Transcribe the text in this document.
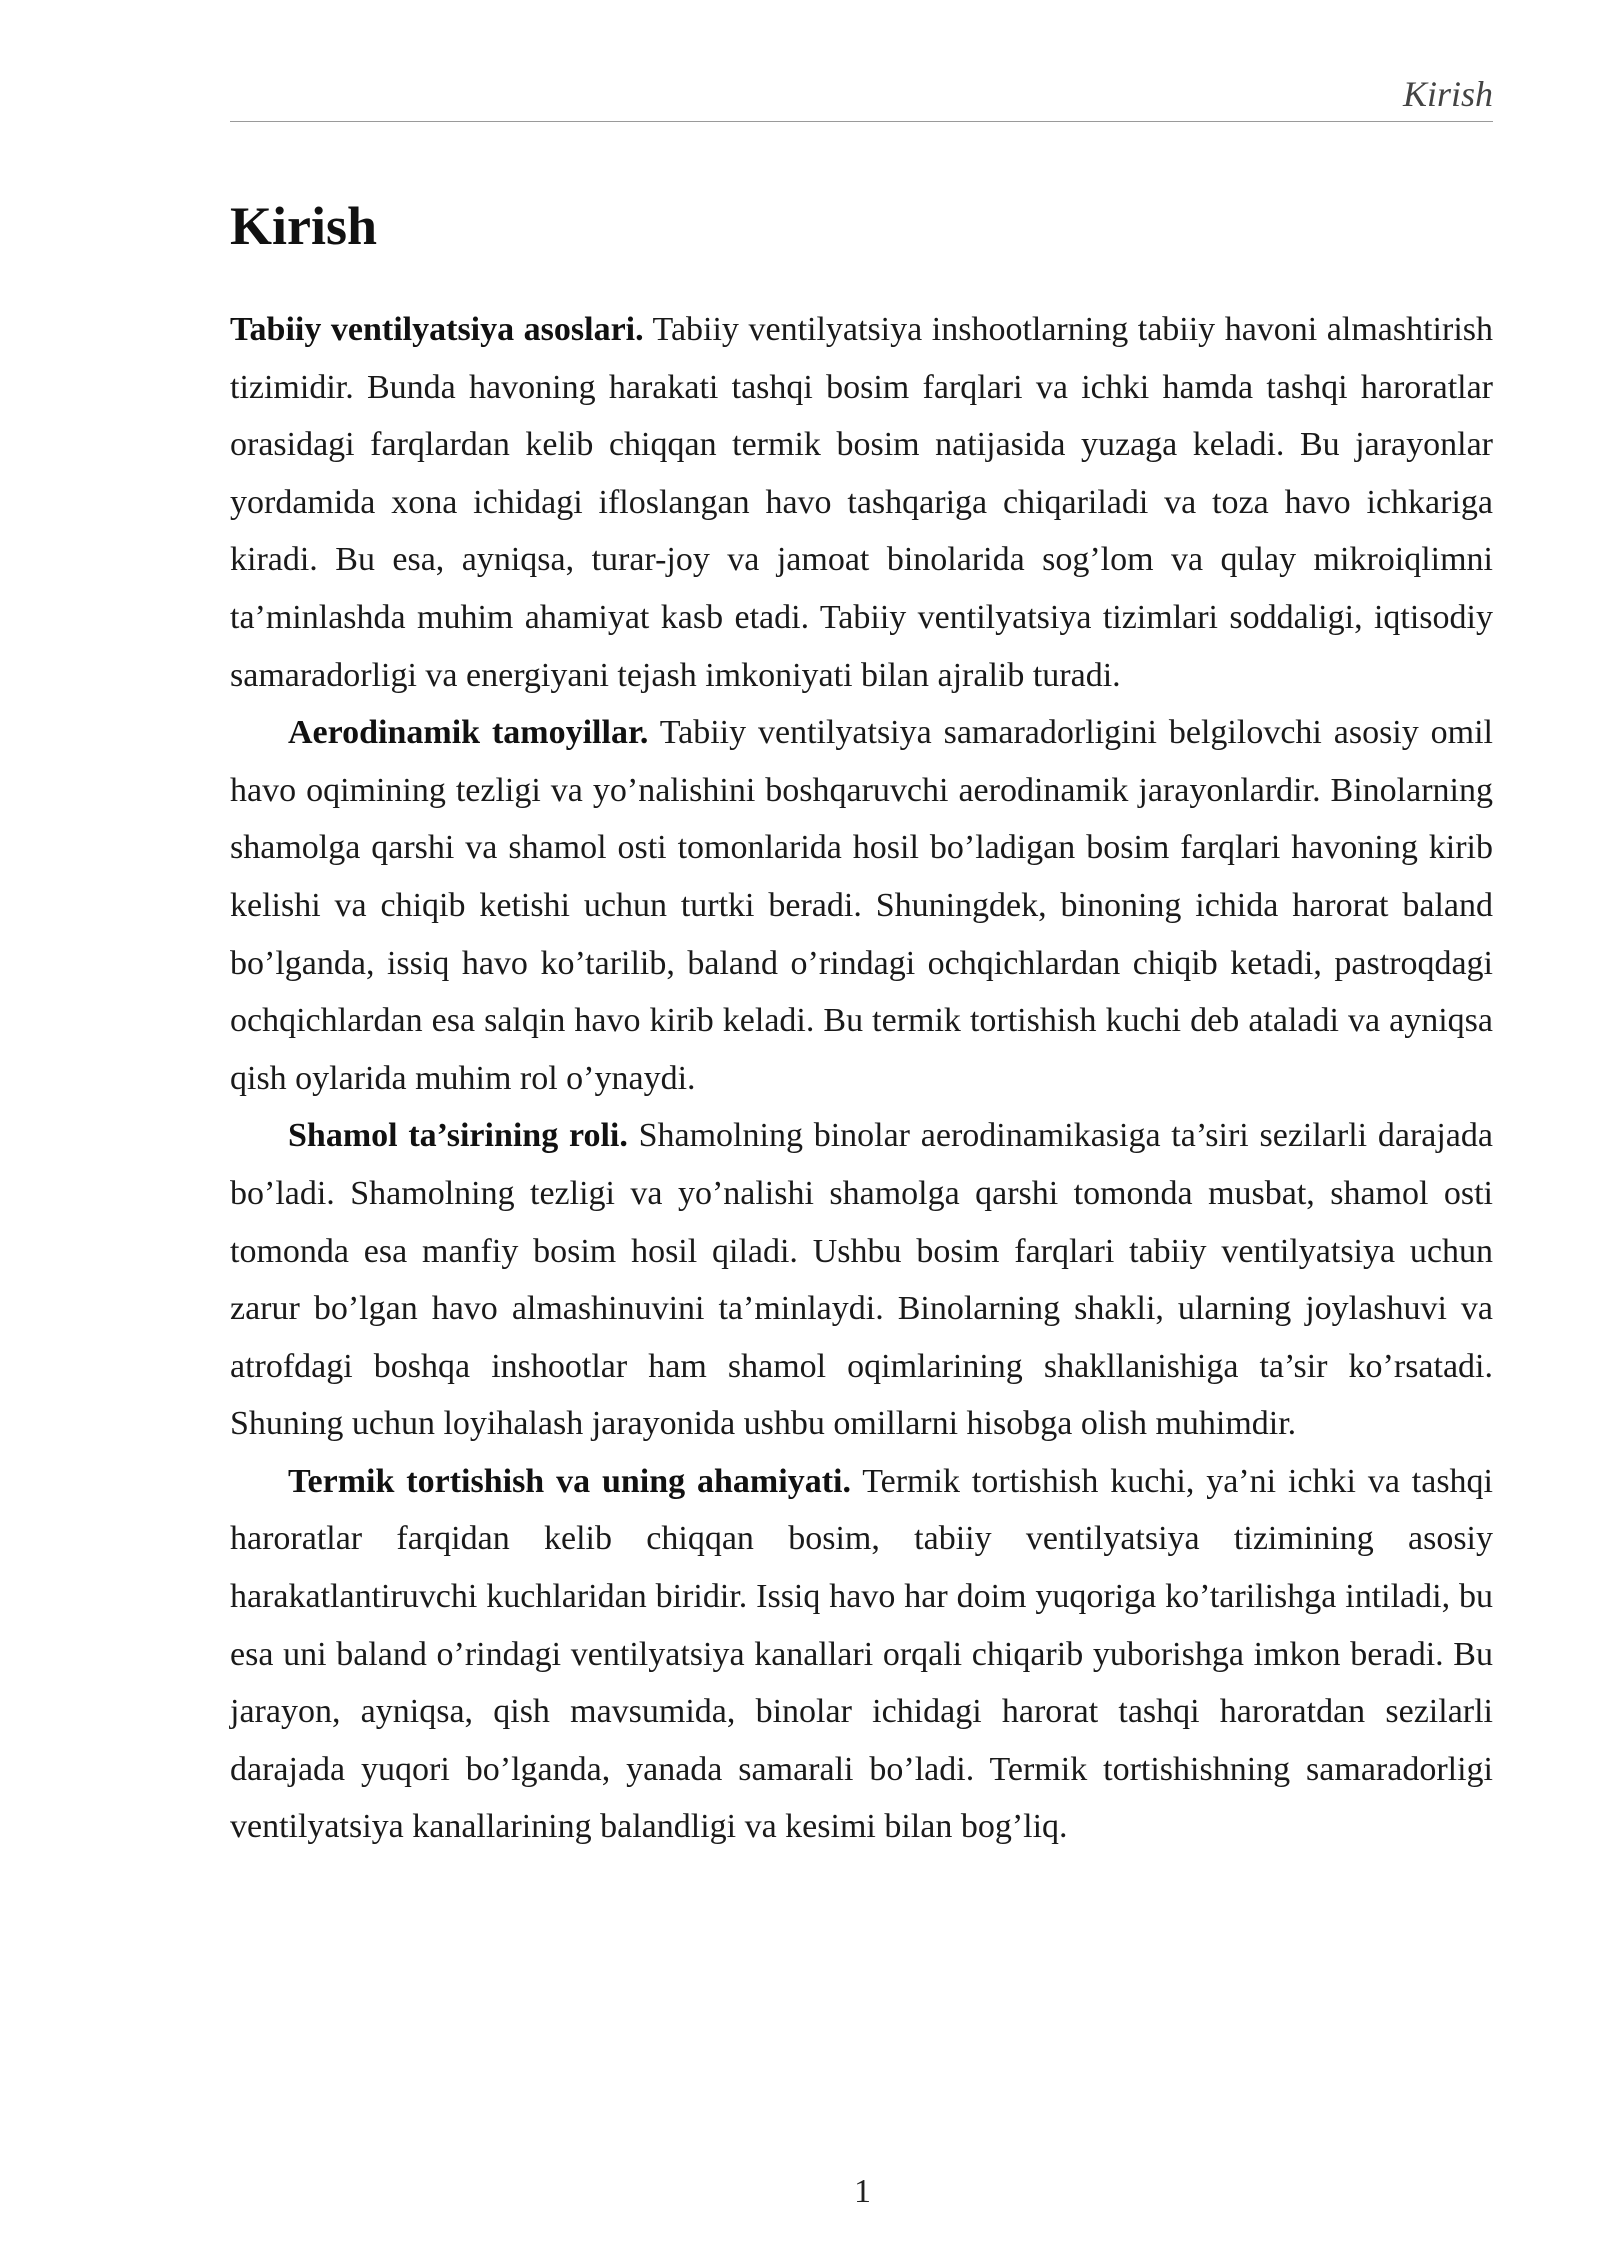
Kirish
Kirish

Tabiiy ventilyatsiya asoslari. Tabiiy ventilyatsiya inshootlarning tabiiy havoni almashtirish tizimidir. Bunda havoning harakati tashqi bosim farqlari va ichki hamda tashqi haroratlar orasidagi farqlardan kelib chiqqan termik bosim natijasida yuzaga keladi. Bu jarayonlar yordamida xona ichidagi ifloslangan havo tashqariga chiqariladi va toza havo ichkariga kiradi. Bu esa, ayniqsa, turar-joy va jamoat binolarida sog’lom va qulay mikroiqlimni ta’minlashda muhim ahamiyat kasb etadi. Tabiiy ventilyatsiya tizimlari soddaligi, iqtisodiy samaradorligi va energiyani tejash imkoniyati bilan ajralib turadi.

Aerodinamik tamoyillar. Tabiiy ventilyatsiya samaradorligini belgilovchi asosiy omil havo oqimining tezligi va yo’nalishini boshqaruvchi aerodinamik jarayonlardir. Binolarning shamolga qarshi va shamol osti tomonlarida hosil bo’ladigan bosim farqlari havoning kirib kelishi va chiqib ketishi uchun turtki beradi. Shuningdek, binoning ichida harorat baland bo’lganda, issiq havo ko’tarilib, baland o’rindagi ochqichlardan chiqib ketadi, pastroqdagi ochqichlardan esa salqin havo kirib keladi. Bu termik tortishish kuchi deb ataladi va ayniqsa qish oylarida muhim rol o’ynaydi.

Shamol ta’sirining roli. Shamolning binolar aerodinamikasiga ta’siri sezilarli darajada bo’ladi. Shamolning tezligi va yo’nalishi shamolga qarshi tomonda musbat, shamol osti tomonda esa manfiy bosim hosil qiladi. Ushbu bosim farqlari tabiiy ventilyatsiya uchun zarur bo’lgan havo almashinuvini ta’minlaydi. Binolarning shakli, ularning joylashuvi va atrofdagi boshqa inshootlar ham shamol oqimlarining shakllanishiga ta’sir ko’rsatadi. Shuning uchun loyihalash jarayonida ushbu omillarni hisobga olish muhimdir.

Termik tortishish va uning ahamiyati. Termik tortishish kuchi, ya’ni ichki va tashqi haroratlar farqidan kelib chiqqan bosim, tabiiy ventilyatsiya tizimining asosiy harakatlantiruvchi kuchlaridan biridir. Issiq havo har doim yuqoriga ko’tarilishga intiladi, bu esa uni baland o’rindagi ventilyatsiya kanallari orqali chiqarib yuborishga imkon beradi. Bu jarayon, ayniqsa, qish mavsumida, binolar ichidagi harorat tashqi haroratdan sezilarli darajada yuqori bo’lganda, yanada samarali bo’ladi. Termik tortishishning samaradorligi ventilyatsiya kanallarining balandligi va kesimi bilan bog’liq.

1
